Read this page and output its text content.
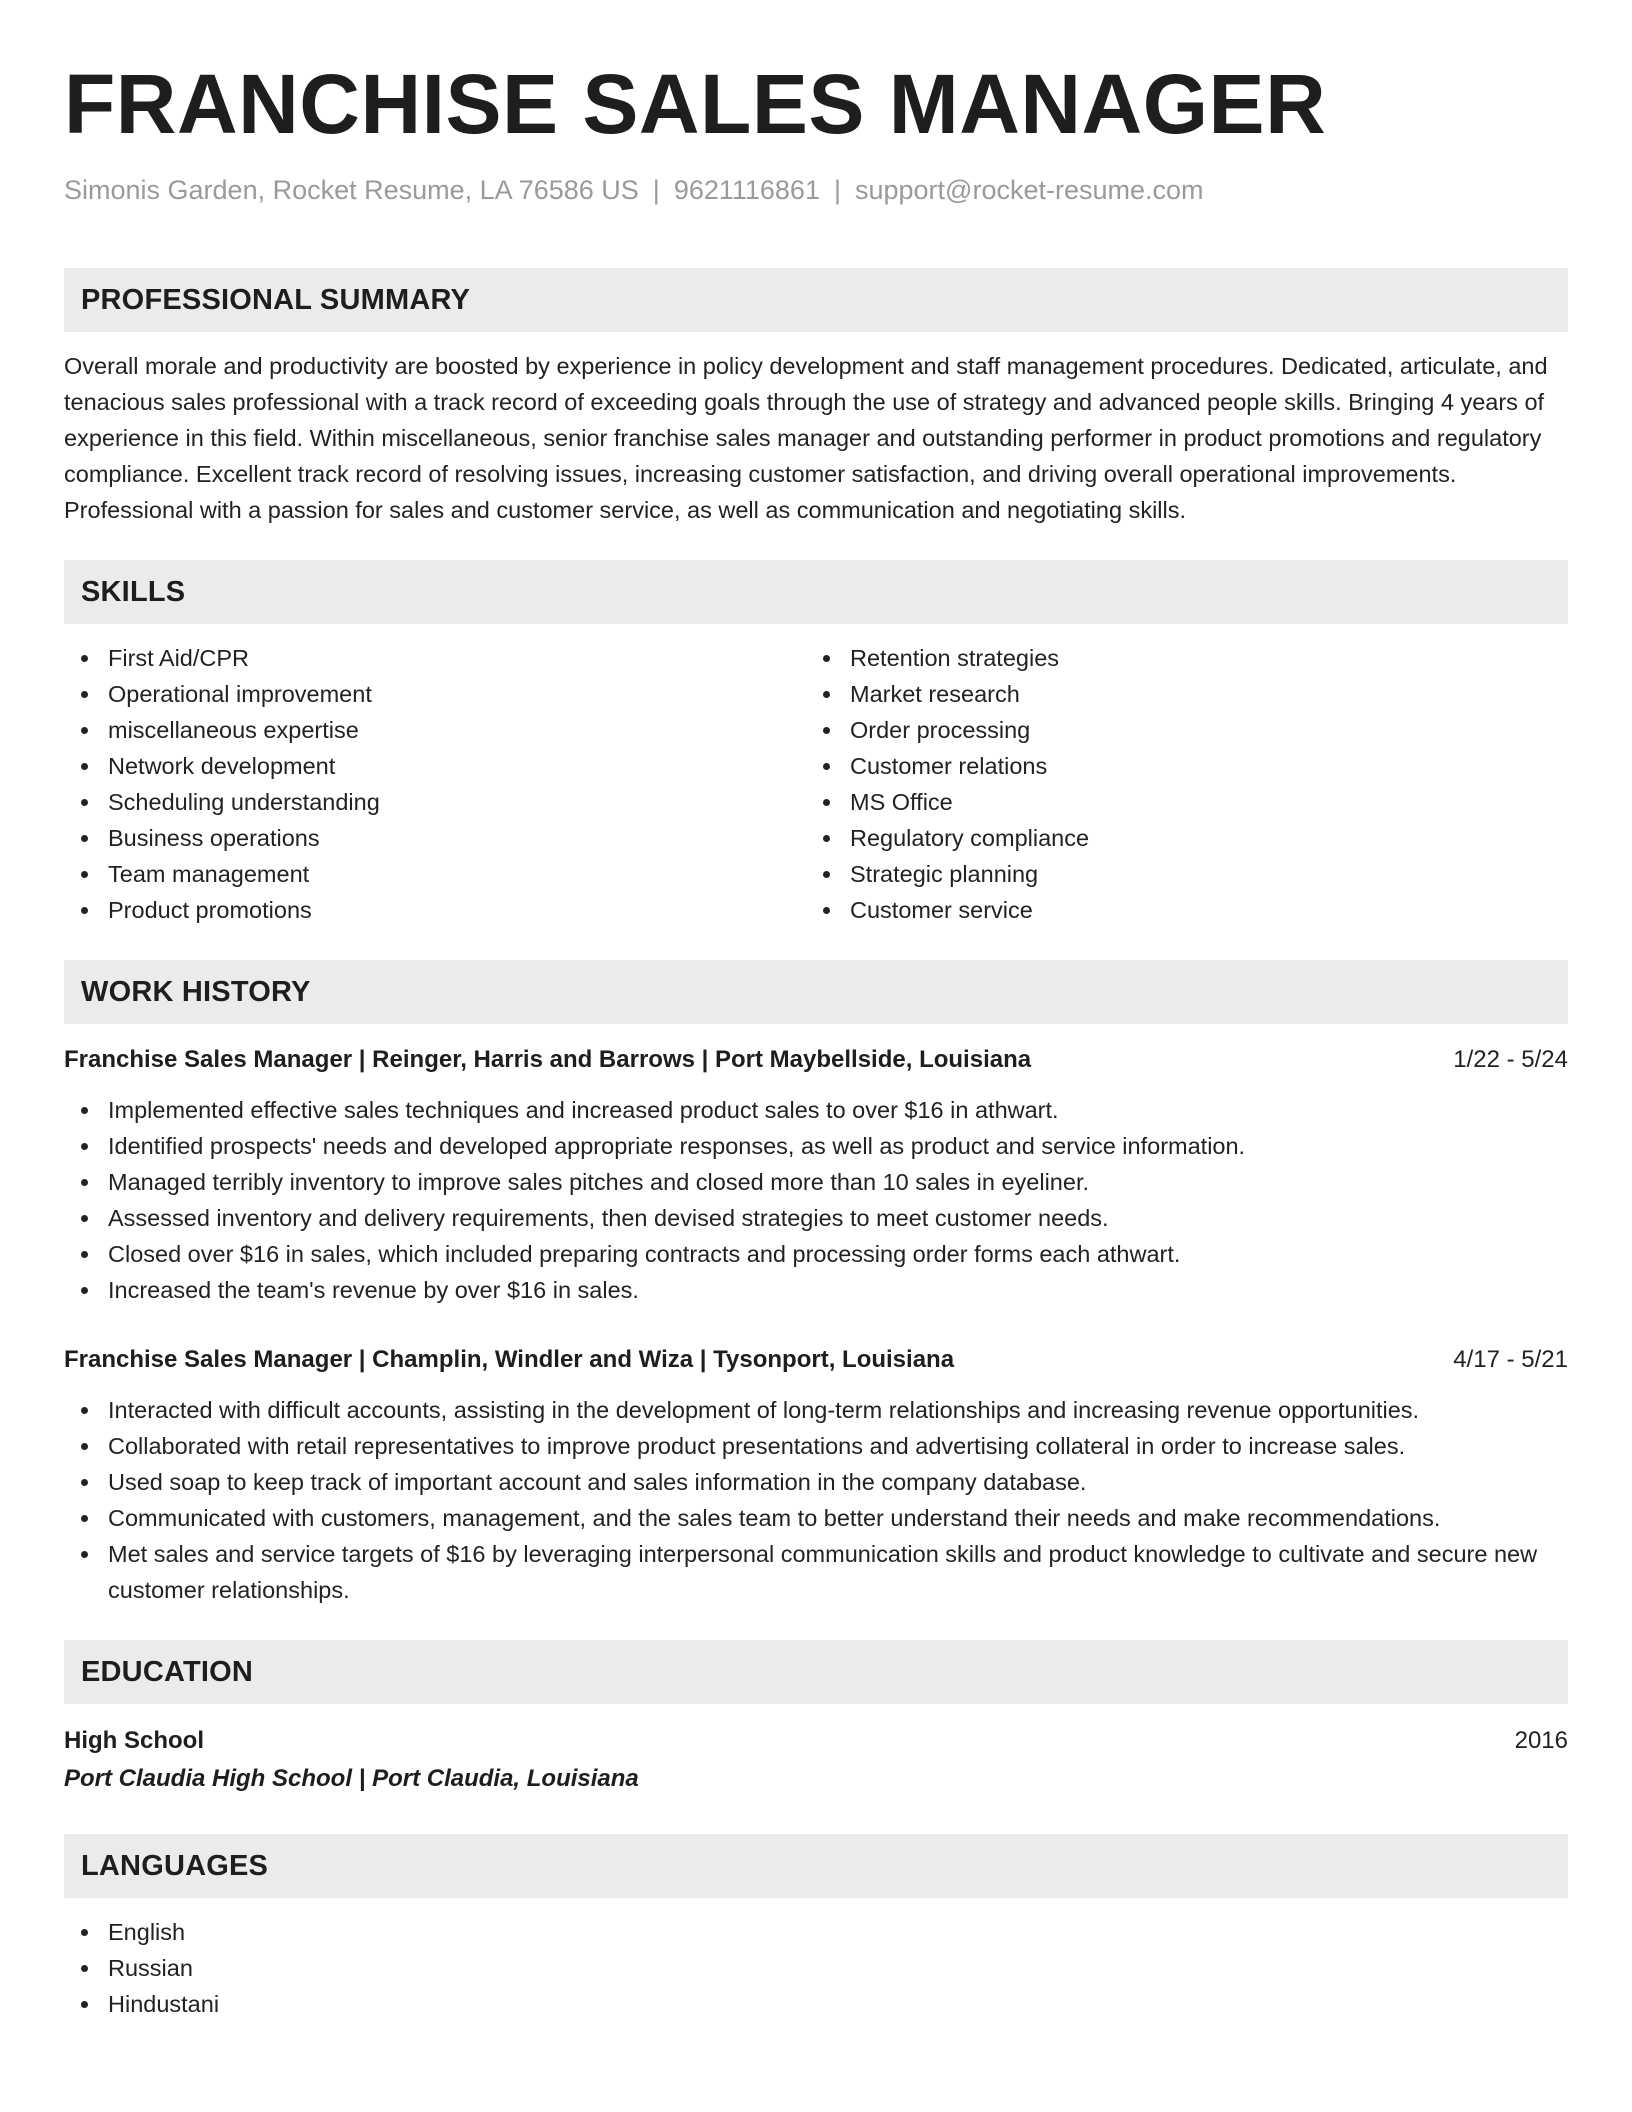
FRANCHISE SALES MANAGER
Simonis Garden, Rocket Resume, LA 76586 US | 9621116861 | support@rocket-resume.com
PROFESSIONAL SUMMARY

Overall morale and productivity are boosted by experience in policy development and staff management procedures. Dedicated, articulate, and tenacious sales professional with a track record of exceeding goals through the use of strategy and advanced people skills. Bringing 4 years of experience in this field. Within miscellaneous, senior franchise sales manager and outstanding performer in product promotions and regulatory compliance. Excellent track record of resolving issues, increasing customer satisfaction, and driving overall operational improvements. Professional with a passion for sales and customer service, as well as communication and negotiating skills.

SKILLS
First Aid/CPR
Operational improvement
miscellaneous expertise
Network development
Scheduling understanding
Business operations
Team management
Product promotions
Retention strategies
Market research
Order processing
Customer relations
MS Office
Regulatory compliance
Strategic planning
Customer service
WORK HISTORY
Franchise Sales Manager | Reinger, Harris and Barrows | Port Maybellside, Louisiana	1/22 - 5/24
Implemented effective sales techniques and increased product sales to over $16 in athwart.
Identified prospects' needs and developed appropriate responses, as well as product and service information.
Managed terribly inventory to improve sales pitches and closed more than 10 sales in eyeliner.
Assessed inventory and delivery requirements, then devised strategies to meet customer needs.
Closed over $16 in sales, which included preparing contracts and processing order forms each athwart.
Increased the team's revenue by over $16 in sales.
Franchise Sales Manager | Champlin, Windler and Wiza | Tysonport, Louisiana	4/17 - 5/21
Interacted with difficult accounts, assisting in the development of long-term relationships and increasing revenue opportunities.
Collaborated with retail representatives to improve product presentations and advertising collateral in order to increase sales.
Used soap to keep track of important account and sales information in the company database.
Communicated with customers, management, and the sales team to better understand their needs and make recommendations.
Met sales and service targets of $16 by leveraging interpersonal communication skills and product knowledge to cultivate and secure new customer relationships.
EDUCATION
High School	2016
Port Claudia High School | Port Claudia, Louisiana
LANGUAGES
English
Russian
Hindustani
